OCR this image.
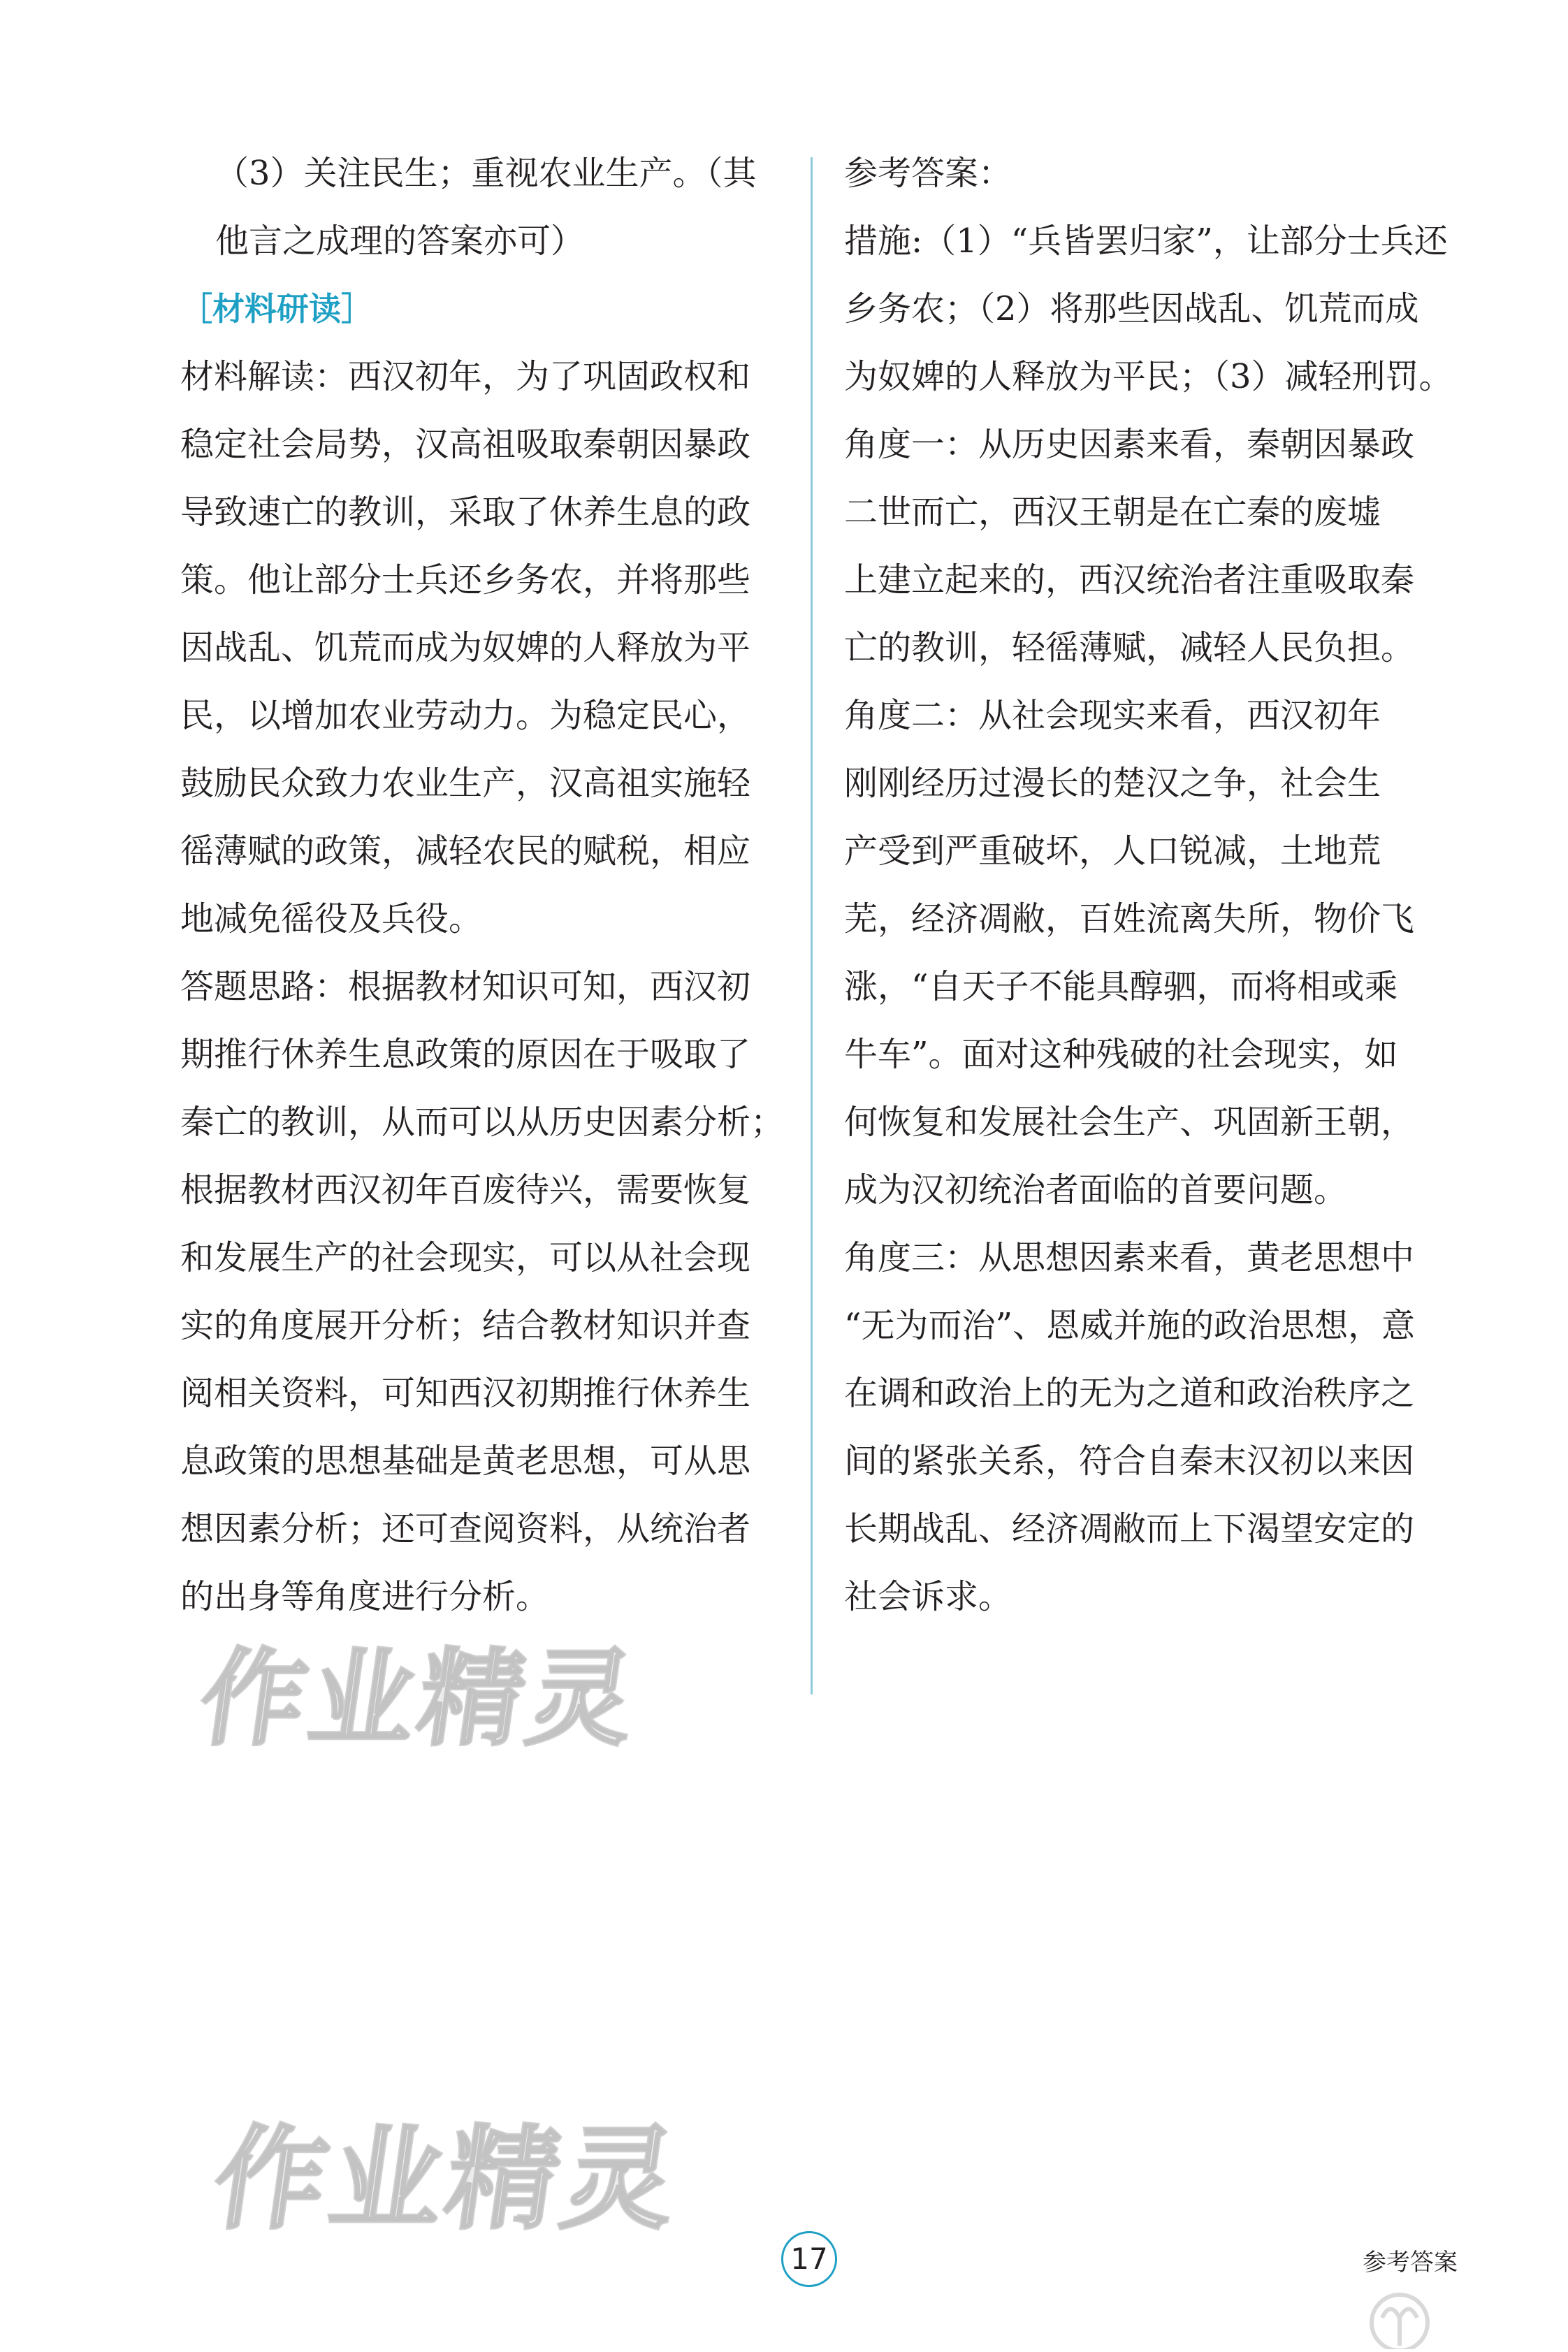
（3）关注民生；重视农业生产。（其
他言之成理的答案亦可）
［材料研读］
材料解读：西汉初年，为了巩固政权和
稳定社会局势，汉高祖吸取秦朝因暴政
导致速亡的教训，采取了休养生息的政
策。他让部分士兵还乡务农，并将那些
因战乱、饥荒而成为奴婢的人释放为平
民，以增加农业劳动力。为稳定民心，
鼓励民众致力农业生产，汉高祖实施轻
徭薄赋的政策，减轻农民的赋税，相应
地减免徭役及兵役。
答题思路：根据教材知识可知，西汉初
期推行休养生息政策的原因在于吸取了
秦亡的教训，从而可以从历史因素分析；
根据教材西汉初年百废待兴，需要恢复
和发展生产的社会现实，可以从社会现
实的角度展开分析；结合教材知识并查
阅相关资料，可知西汉初期推行休养生
息政策的思想基础是黄老思想，可从思
想因素分析；还可查阅资料，从统治者
的出身等角度进行分析。
参考答案：
措施:（1）“兵皆罢归家”，让部分士兵还
乡务农；（2）将那些因战乱、饥荒而成
为奴婢的人释放为平民；（3）减轻刑罚。
角度一：从历史因素来看，秦朝因暴政
二世而亡，西汉王朝是在亡秦的废墟
上建立起来的，西汉统治者注重吸取秦
亡的教训，轻徭薄赋，减轻人民负担。
角度二：从社会现实来看，西汉初年
刚刚经历过漫长的楚汉之争，社会生
产受到严重破坏，人口锐减，土地荒
芜，经济凋敝，百姓流离失所，物价飞
涨，“自天子不能具醇驷，而将相或乘
牛车”。面对这种残破的社会现实，如
何恢复和发展社会生产、巩固新王朝，
成为汉初统治者面临的首要问题。
角度三：从思想因素来看，黄老思想中
“无为而治”、恩威并施的政治思想，意
在调和政治上的无为之道和政治秩序之
间的紧张关系，符合自秦末汉初以来因
长期战乱、经济凋敝而上下渴望安定的
社会诉求。
作业精灵
作业精灵
17	参考答案
